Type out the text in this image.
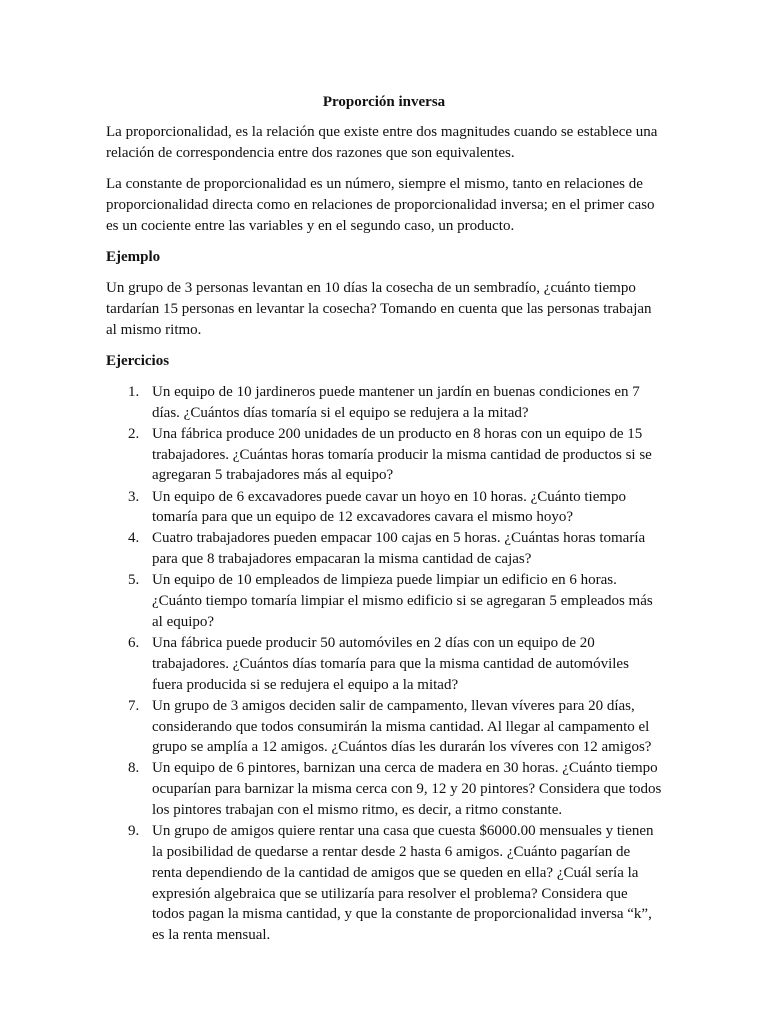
Proporción inversa

La proporcionalidad, es la relación que existe entre dos magnitudes cuando se establece una relación de correspondencia entre dos razones que son equivalentes.

La constante de proporcionalidad es un número, siempre el mismo, tanto en relaciones de proporcionalidad directa como en relaciones de proporcionalidad inversa; en el primer caso es un cociente entre las variables y en el segundo caso, un producto.

Ejemplo

Un grupo de 3 personas levantan en 10 días la cosecha de un sembradío, ¿cuánto tiempo tardarían 15 personas en levantar la cosecha? Tomando en cuenta que las personas trabajan al mismo ritmo.

Ejercicios
1. Un equipo de 10 jardineros puede mantener un jardín en buenas condiciones en 7 días. ¿Cuántos días tomaría si el equipo se redujera a la mitad?
2. Una fábrica produce 200 unidades de un producto en 8 horas con un equipo de 15 trabajadores. ¿Cuántas horas tomaría producir la misma cantidad de productos si se agregaran 5 trabajadores más al equipo?
3. Un equipo de 6 excavadores puede cavar un hoyo en 10 horas. ¿Cuánto tiempo tomaría para que un equipo de 12 excavadores cavara el mismo hoyo?
4. Cuatro trabajadores pueden empacar 100 cajas en 5 horas. ¿Cuántas horas tomaría para que 8 trabajadores empacaran la misma cantidad de cajas?
5. Un equipo de 10 empleados de limpieza puede limpiar un edificio en 6 horas. ¿Cuánto tiempo tomaría limpiar el mismo edificio si se agregaran 5 empleados más al equipo?
6. Una fábrica puede producir 50 automóviles en 2 días con un equipo de 20 trabajadores. ¿Cuántos días tomaría para que la misma cantidad de automóviles fuera producida si se redujera el equipo a la mitad?
7. Un grupo de 3 amigos deciden salir de campamento, llevan víveres para 20 días, considerando que todos consumirán la misma cantidad. Al llegar al campamento el grupo se amplía a 12 amigos. ¿Cuántos días les durarán los víveres con 12 amigos?
8. Un equipo de 6 pintores, barnizan una cerca de madera en 30 horas. ¿Cuánto tiempo ocuparían para barnizar la misma cerca con 9, 12 y 20 pintores? Considera que todos los pintores trabajan con el mismo ritmo, es decir, a ritmo constante.
9. Un grupo de amigos quiere rentar una casa que cuesta $6000.00 mensuales y tienen la posibilidad de quedarse a rentar desde 2 hasta 6 amigos. ¿Cuánto pagarían de renta dependiendo de la cantidad de amigos que se queden en ella? ¿Cuál sería la expresión algebraica que se utilizaría para resolver el problema? Considera que todos pagan la misma cantidad, y que la constante de proporcionalidad inversa “k”, es la renta mensual.
